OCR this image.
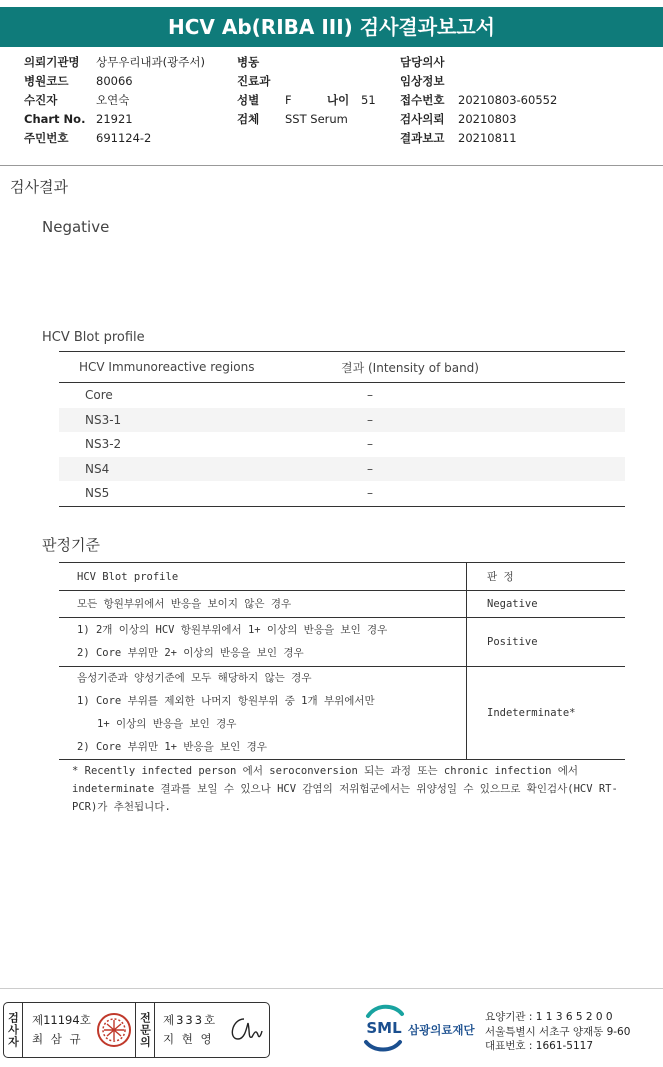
HCV Ab(RIBA III) 검사결과보고서
의뢰기관명 상무우리내과(광주서)
병원코드 80066
수진자	오연숙
Chart No. 21921
주민번호 691124-2
병동
진료과
성별 F	나이 51
검체 SST Serum
담당의사
임상정보
접수번호 20210803-60552
검사의뢰 20210803
결과보고 20210811
검사결과
Negative
HCV Blot profile
HCV Immunoreactive regions	결과 (Intensity of band)
Core	–
NS3-1	–
NS3-2	–
NS4	–
NS5	–
판정기준
HCV Blot profile	판 정

모든 항원부위에서 반응을 보이지 않은 경우	Negative

1) 2개 이상의 HCV 항원부위에서 1+ 이상의 반응을 보인 경우
2) Core 부위만 2+ 이상의 반응을 보인 경우	Positive

음성기준과 양성기준에 모두 해당하지 않는 경우
1) Core 부위를 제외한 나머지 항원부위 중 1개 부위에서만
1+ 이상의 반응을 보인 경우
2) Core 부위만 1+ 반응을 보인 경우	Indeterminate*
* Recently infected person 에서 seroconversion 되는 과정 또는 chronic infection 에서 indeterminate 결과를 보일 수 있으나 HCV 감염의 저위험군에서는 위양성일 수 있으므로 확인검사(HCV RT-PCR)가 추천됩니다.
검사자 제11194호
최 삼 규	전문의 제333호
지 현 영
SML 삼광의료재단
요양기관 : 1 1 3 6 5 2 0 0
서울특별시 서초구 양재동 9-60
대표번호 : 1661-5117
